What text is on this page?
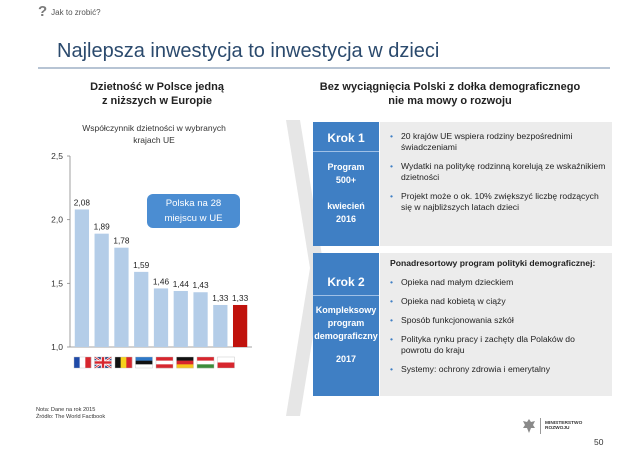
? Jak to zrobić?
Najlepsza inwestycja to inwestycja w dzieci
Dzietność w Polsce jedną
z niższych w Europie
Bez wyciągnięcia Polski z dołka demograficznego
nie ma mowy o rozwoju
Współczynnik dzietności w wybranych
krajach UE
1,0
1,5
2,0
2,5
2,08
1,89
1,78
1,59
1,46 1,44 1,43
1,33 1,33
Polska na 28
miejscu w UE
Krok 1
Program
500+
kwiecień
2016
• 20 krajów UE wspiera rodziny bezpośrednimi świadczeniami
• Wydatki na politykę rodzinną korelują ze wskaźnikiem dzietności
• Projekt może o ok. 10% zwiększyć liczbę rodzących się w najbliższych latach dzieci
Krok 2
Kompleksowy
program
demograficzny
2017
Ponadresortowy program polityki demograficznej:
• Opieka nad małym dzieckiem
• Opieka nad kobietą w ciąży
• Sposób funkcjonowania szkół
• Polityka rynku pracy i zachęty dla Polaków do powrotu do kraju
• Systemy: ochrony zdrowia i emerytalny
Nota: Dane na rok 2015
Źródło: The World Factbook
MINISTERSTWO
ROZWOJU
50
